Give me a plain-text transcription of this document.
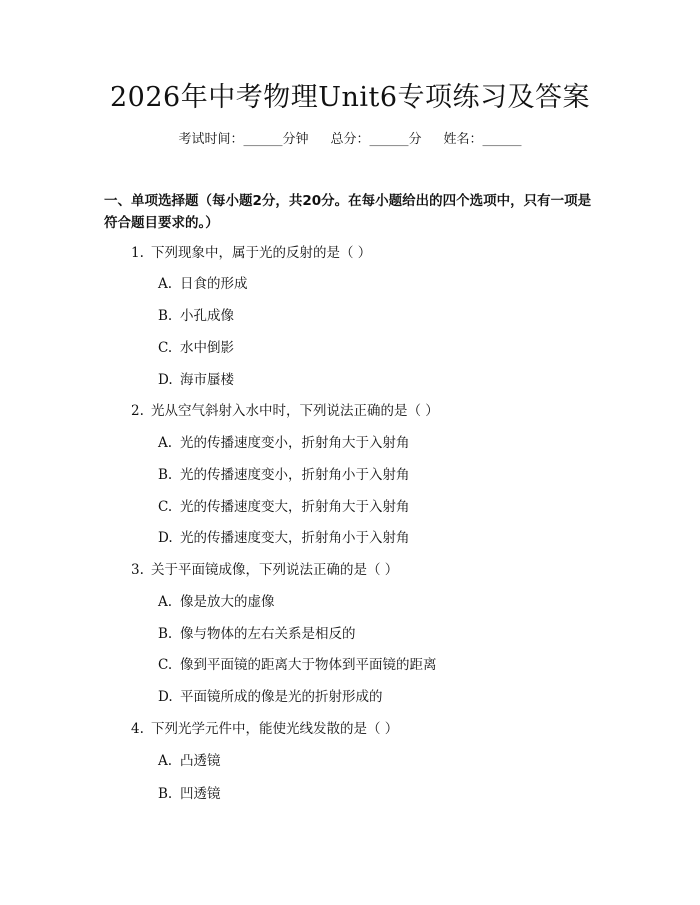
2026年中考物理Unit6专项练习及答案
考试时间：______分钟 总分：______分 姓名：______
一、单项选择题（每小题2分，共20分。在每小题给出的四个选项中，只有一项是符合题目要求的。）
1. 下列现象中，属于光的反射的是（ ）
A. 日食的形成
B. 小孔成像
C. 水中倒影
D. 海市蜃楼
2. 光从空气斜射入水中时，下列说法正确的是（ ）
A. 光的传播速度变小，折射角大于入射角
B. 光的传播速度变小，折射角小于入射角
C. 光的传播速度变大，折射角大于入射角
D. 光的传播速度变大，折射角小于入射角
3. 关于平面镜成像，下列说法正确的是（ ）
A. 像是放大的虚像
B. 像与物体的左右关系是相反的
C. 像到平面镜的距离大于物体到平面镜的距离
D. 平面镜所成的像是光的折射形成的
4. 下列光学元件中，能使光线发散的是（ ）
A. 凸透镜
B. 凹透镜
